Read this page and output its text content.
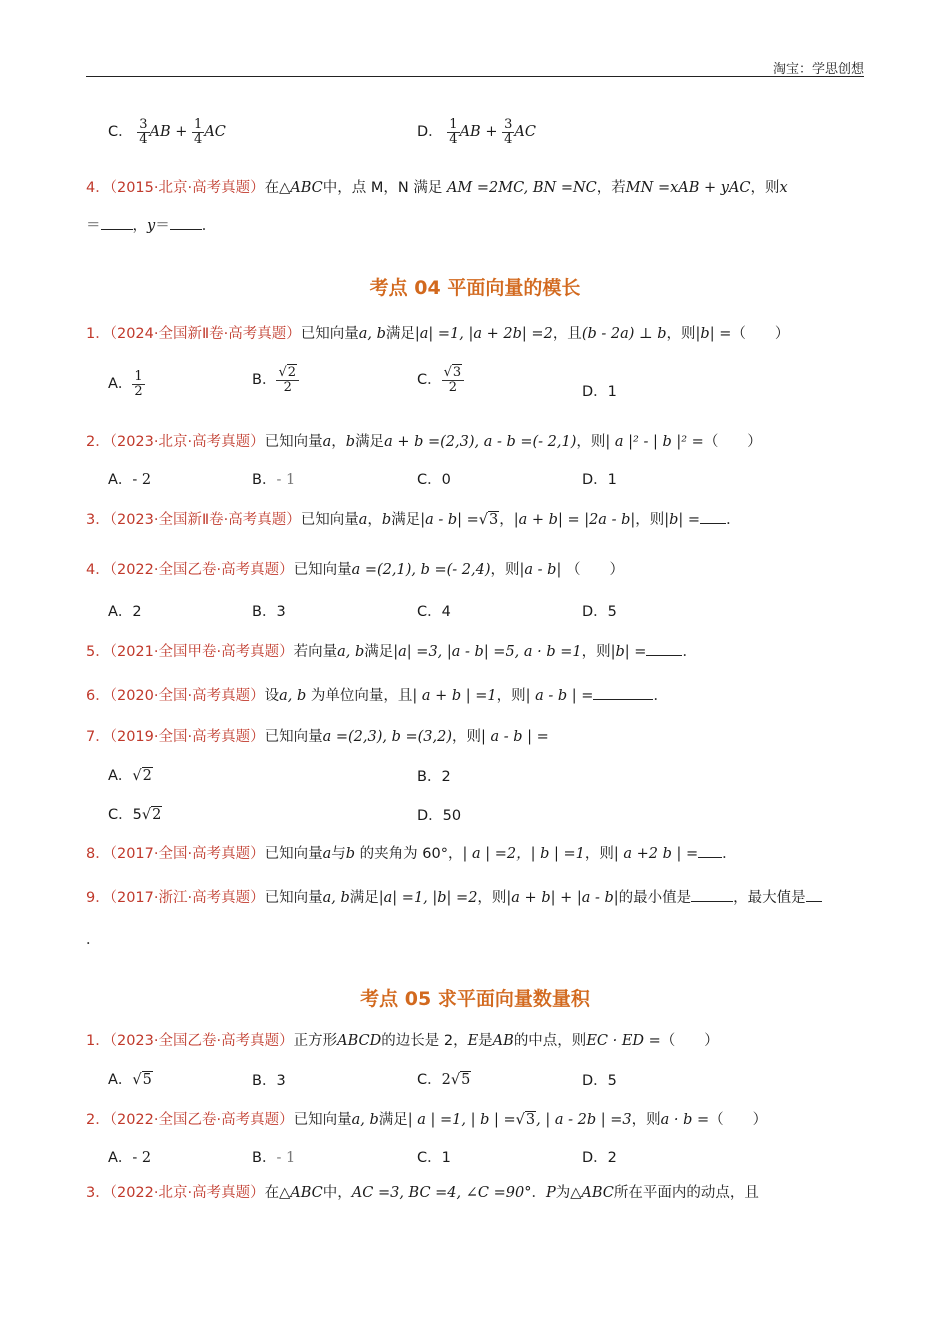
淘宝：学思创想
C． $\frac{3}{4}$ AB + $\frac{1}{4}$ AC	D． $\frac{1}{4}$ AB + $\frac{3}{4}$ AC
4．（2015·北京·高考真题）在△ABC中，点 M，N 满足 AM =2MC, BN =NC，若MN =xAB + yAC，则x
＝ ，y＝ ．
考点 04 平面向量的模长
1．（2024·全国新Ⅱ卷·高考真题）已知向量a, b满足|a| =1, |a + 2b| =2，且(b - 2a) ⊥ b，则|b| =（　　）
A． $\frac{1}{2}$	B． $\frac{√2}{2}$	C． $\frac{√3}{2}$	D．1
2．（2023·北京·高考真题）已知向量a，b满足a + b =(2,3), a - b =(- 2,1)，则| a |² - | b |² =（　　）
A．- 2	B．- 1	C．0	D．1
3．（2023·全国新Ⅱ卷·高考真题）已知向量a，b满足|a - b| =√3，|a + b| = |2a - b|，则|b| = ．
4．（2022·全国乙卷·高考真题）已知向量a =(2,1), b =(- 2,4)，则|a - b| （　　）
A．2	B．3	C．4	D．5
5．（2021·全国甲卷·高考真题）若向量a, b满足|a| =3, |a - b| =5, a · b =1，则|b| = ．
6．（2020·全国·高考真题）设a, b 为单位向量，且| a + b | =1，则| a - b | =	．
7．（2019·全国·高考真题）已知向量a =(2,3), b =(3,2)，则| a - b | =
A．√2	B．2
C．5√2	D．50
8．（2017·全国·高考真题）已知向量a与b 的夹角为 60°，| a | =2，| b | =1，则| a +2 b | = ．
9．（2017·浙江·高考真题）已知向量a, b满足|a| =1, |b| =2，则|a + b| + |a - b|的最小值是	，最大值是
．
考点 05 求平面向量数量积
1．（2023·全国乙卷·高考真题）正方形ABCD的边长是 2，E是AB的中点，则EC · ED =（　　）
A．√5	B．3	C．2√5	D．5
2．（2022·全国乙卷·高考真题）已知向量a, b满足| a | =1, | b | =√3, | a - 2b | =3，则a · b =（　　）
A．- 2	B．- 1	C．1	D．2
3．（2022·北京·高考真题）在△ABC中，AC =3, BC =4, ∠C =90°．P为△ABC所在平面内的动点，且
